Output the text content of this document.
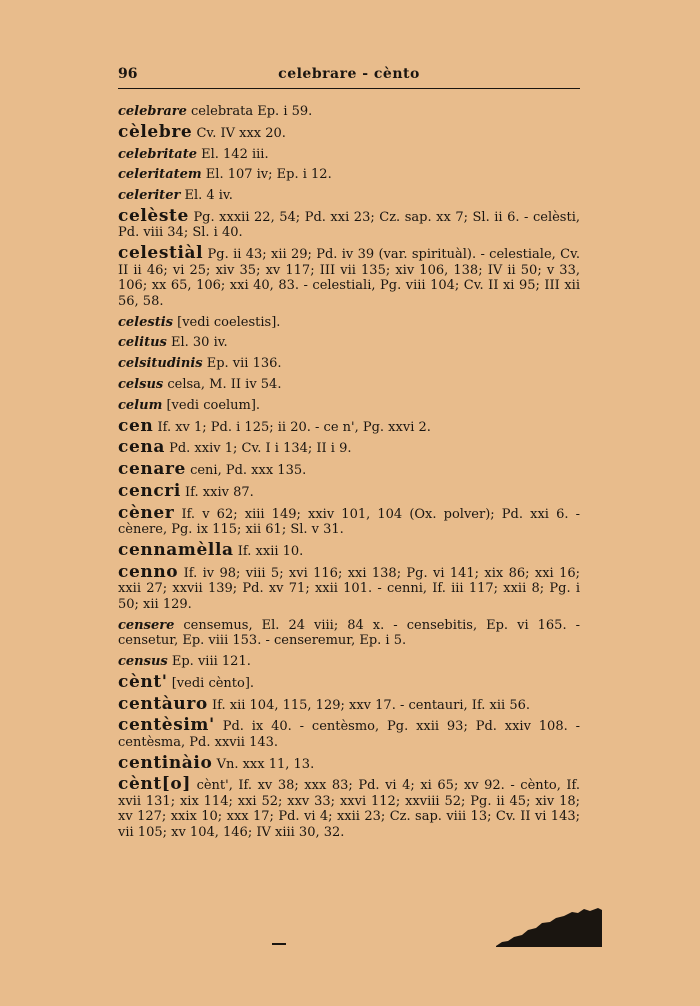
96	celebrare - cènto

celebrare celebrata Ep. i 59.

cèlebre Cv. IV xxx 20.

celebritate El. 142 iii.

celeritatem El. 107 iv; Ep. i 12.

celeriter El. 4 iv.

celèste Pg. xxxii 22, 54; Pd. xxi 23; Cz. sap. xx 7; Sl. ii 6. - celèsti, Pd. viii 34; Sl. i 40.

celestiàl Pg. ii 43; xii 29; Pd. iv 39 (var. spirituàl). - celestiale, Cv. II ii 46; vi 25; xiv 35; xv 117; III vii 135; xiv 106, 138; IV ii 50; v 33, 106; xx 65, 106; xxi 40, 83. - celestiali, Pg. viii 104; Cv. II xi 95; III xii 56, 58.

celestis [vedi coelestis].

celitus El. 30 iv.

celsitudinis Ep. vii 136.

celsus celsa, M. II iv 54.

celum [vedi coelum].

cen If. xv 1; Pd. i 125; ii 20. - ce n', Pg. xxvi 2.

cena Pd. xxiv 1; Cv. I i 134; II i 9.

cenare ceni, Pd. xxx 135.

cencri If. xxiv 87.

cèner If. v 62; xiii 149; xxiv 101, 104 (Ox. polver); Pd. xxi 6. - cènere, Pg. ix 115; xii 61; Sl. v 31.

cennamèlla If. xxii 10.

cenno If. iv 98; viii 5; xvi 116; xxi 138; Pg. vi 141; xix 86; xxi 16; xxii 27; xxvii 139; Pd. xv 71; xxii 101. - cenni, If. iii 117; xxii 8; Pg. i 50; xii 129.

censere censemus, El. 24 viii; 84 x. - censebitis, Ep. vi 165. - censetur, Ep. viii 153. - censeremur, Ep. i 5.

census Ep. viii 121.

cènt' [vedi cènto].

centàuro If. xii 104, 115, 129; xxv 17. - centauri, If. xii 56.

centèsim' Pd. ix 40. - centèsmo, Pg. xxii 93; Pd. xxiv 108. - centèsma, Pd. xxvii 143.

centinàio Vn. xxx 11, 13.

cènt[o] cènt', If. xv 38; xxx 83; Pd. vi 4; xi 65; xv 92. - cènto, If. xvii 131; xix 114; xxi 52; xxv 33; xxvi 112; xxviii 52; Pg. ii 45; xiv 18; xv 127; xxix 10; xxx 17; Pd. vi 4; xxii 23; Cz. sap. viii 13; Cv. II vi 143; vii 105; xv 104, 146; IV xiii 30, 32.
